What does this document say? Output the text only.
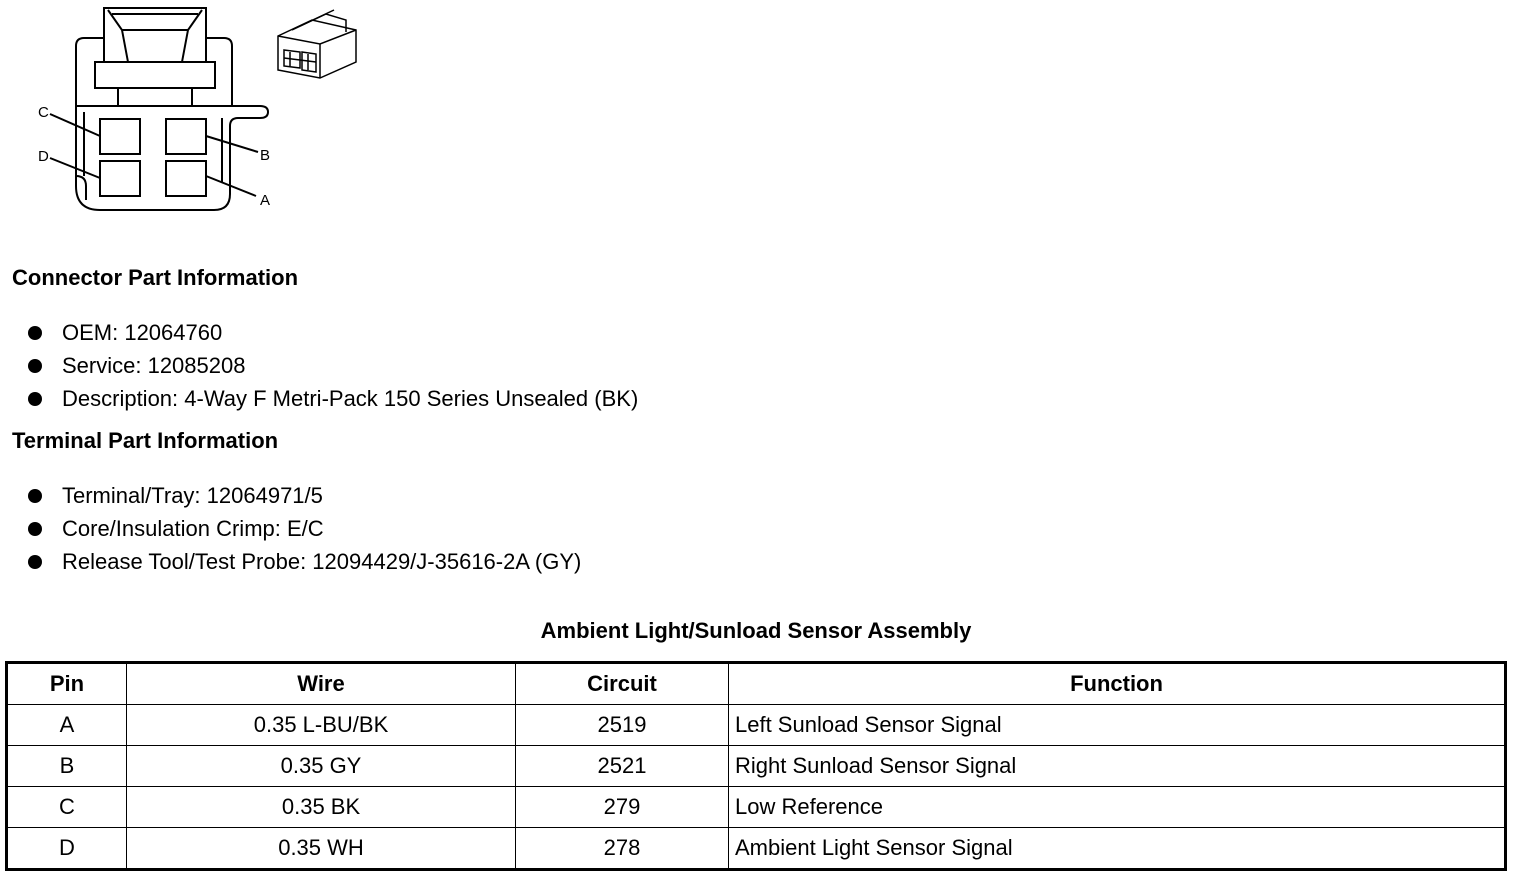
C
D	B
A
Connector Part Information
OEM: 12064760
Service: 12085208
Description: 4-Way F Metri-Pack 150 Series Unsealed (BK)
Terminal Part Information
Terminal/Tray: 12064971/5
Core/Insulation Crimp: E/C
Release Tool/Test Probe: 12094429/J-35616-2A (GY)
Ambient Light/Sunload Sensor Assembly
Pin	Wire	Circuit	Function
A	0.35 L-BU/BK	2519	Left Sunload Sensor Signal
B	0.35 GY	2521	Right Sunload Sensor Signal
C	0.35 BK	279	Low Reference
D	0.35 WH	278	Ambient Light Sensor Signal
